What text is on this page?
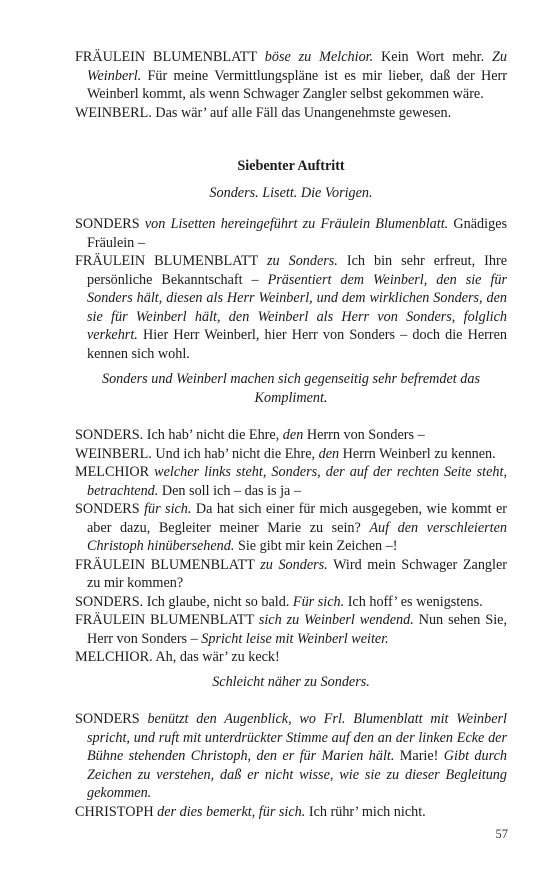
FRÄULEIN BLUMENBLATT böse zu Melchior. Kein Wort mehr. Zu Weinberl. Für meine Vermittlungspläne ist es mir lieber, daß der Herr Weinberl kommt, als wenn Schwager Zangler selbst gekommen wäre.

WEINBERL. Das wär’ auf alle Fäll das Unangenehmste gewesen.

Siebenter Auftritt

Sonders. Lisett. Die Vorigen.

SONDERS von Lisetten hereingeführt zu Fräulein Blumenblatt. Gnädiges Fräulein –

FRÄULEIN BLUMENBLATT zu Sonders. Ich bin sehr erfreut, Ihre persönliche Bekanntschaft – Präsentiert dem Weinberl, den sie für Sonders hält, diesen als Herr Weinberl, und dem wirklichen Sonders, den sie für Weinberl hält, den Weinberl als Herr von Sonders, folglich verkehrt. Hier Herr Weinberl, hier Herr von Sonders – doch die Herren kennen sich wohl.

Sonders und Weinberl machen sich gegenseitig sehr befremdet das Kompliment.

SONDERS. Ich hab’ nicht die Ehre, den Herrn von Sonders –

WEINBERL. Und ich hab’ nicht die Ehre, den Herrn Weinberl zu kennen.

MELCHIOR welcher links steht, Sonders, der auf der rechten Seite steht, betrachtend. Den soll ich – das is ja –

SONDERS für sich. Da hat sich einer für mich ausgegeben, wie kommt er aber dazu, Begleiter meiner Marie zu sein? Auf den verschleierten Christoph hinübersehend. Sie gibt mir kein Zeichen –!

FRÄULEIN BLUMENBLATT zu Sonders. Wird mein Schwager Zangler zu mir kommen?

SONDERS. Ich glaube, nicht so bald. Für sich. Ich hoff’ es wenigstens.

FRÄULEIN BLUMENBLATT sich zu Weinberl wendend. Nun sehen Sie, Herr von Sonders – Spricht leise mit Weinberl weiter.

MELCHIOR. Ah, das wär’ zu keck!

Schleicht näher zu Sonders.

SONDERS benützt den Augenblick, wo Frl. Blumenblatt mit Weinberl spricht, und ruft mit unterdrückter Stimme auf den an der linken Ecke der Bühne stehenden Christoph, den er für Marien hält. Marie! Gibt durch Zeichen zu verstehen, daß er nicht wisse, wie sie zu dieser Begleitung gekommen.

CHRISTOPH der dies bemerkt, für sich. Ich rühr’ mich nicht.

57
